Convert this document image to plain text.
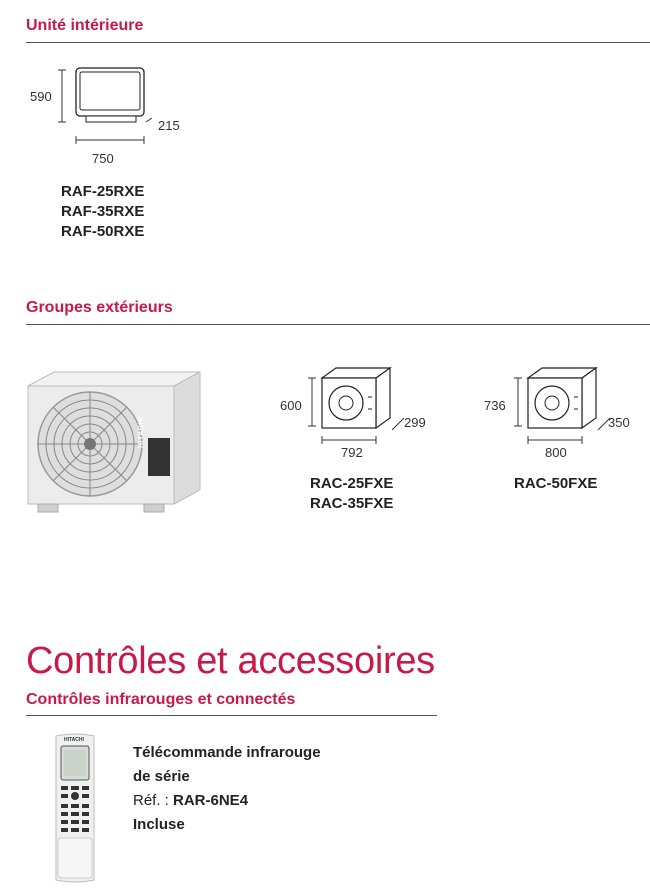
Unité intérieure
590
215
750
RAF-25RXE
RAF-35RXE
RAF-50RXE
Groupes extérieurs
HITACHI
600
299
792
RAC-25FXE
RAC-35FXE
736
350
800
RAC-50FXE
Contrôles et accessoires
Contrôles infrarouges et connectés
HITACHI
Télécommande infrarouge
de série
Réf. : RAR-6NE4
Incluse
